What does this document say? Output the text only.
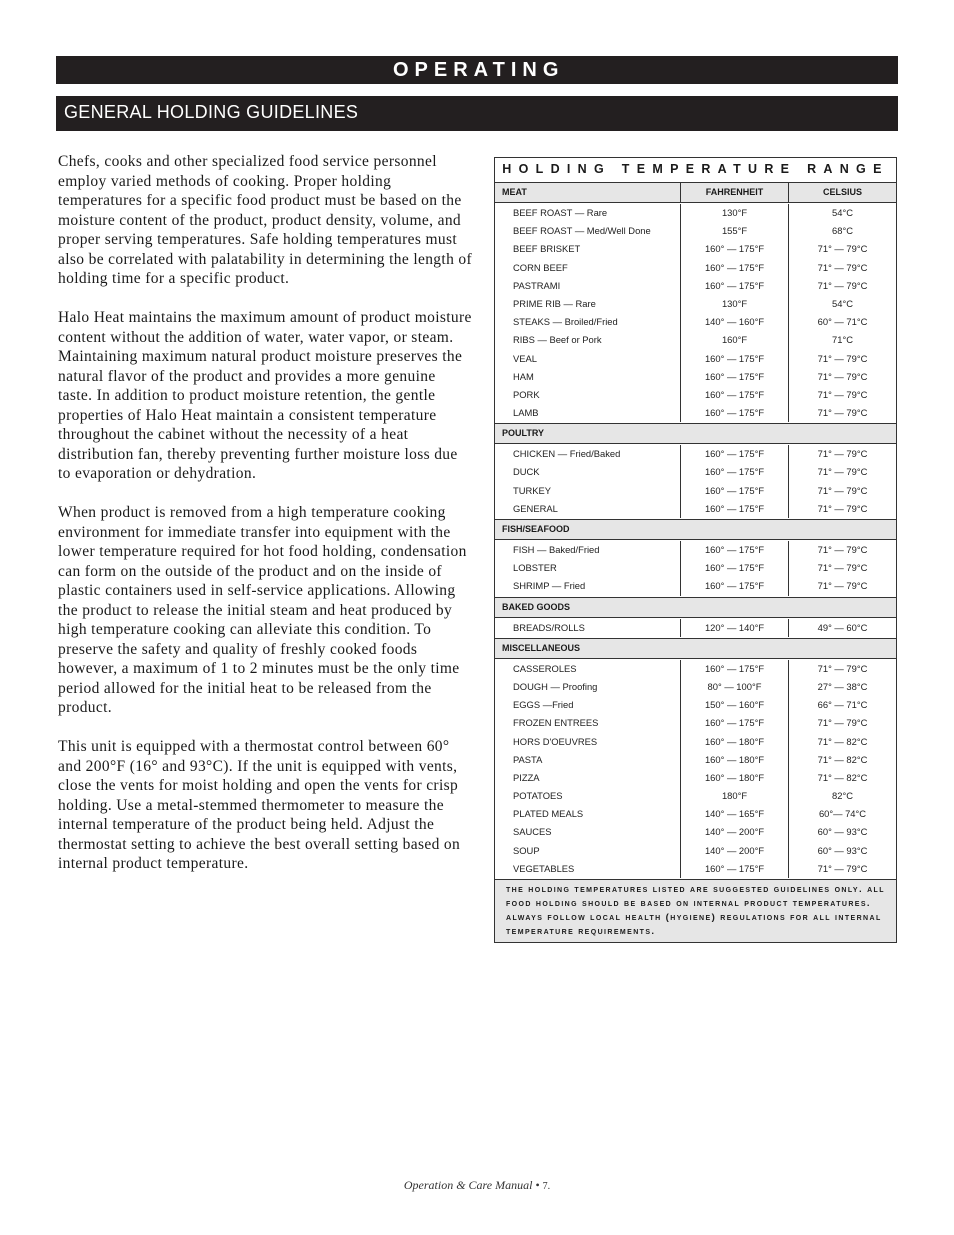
OPERATING
GENERAL HOLDING GUIDELINES

Chefs, cooks and other specialized food service personnel employ varied methods of cooking. Proper holding temperatures for a specific food product must be based on the moisture content of the product, product density, volume, and proper serving temperatures. Safe holding temperatures must also be correlated with palatability in determining the length of holding time for a specific product.

Halo Heat maintains the maximum amount of product moisture content without the addition of water, water vapor, or steam. Maintaining maximum natural product moisture preserves the natural flavor of the product and provides a more genuine taste. In addition to product moisture retention, the gentle properties of Halo Heat maintain a consistent temperature throughout the cabinet without the necessity of a heat distribution fan, thereby preventing further moisture loss due to evaporation or dehydration.

When product is removed from a high temperature cooking environment for immediate transfer into equipment with the lower temperature required for hot food holding, condensation can form on the outside of the product and on the inside of plastic containers used in self-service applications. Allowing the product to release the initial steam and heat produced by high temperature cooking can alleviate this condition. To preserve the safety and quality of freshly cooked foods however, a maximum of 1 to 2 minutes must be the only time period allowed for the initial heat to be released from the product.

This unit is equipped with a thermostat control between 60° and 200°F (16° and 93°C). If the unit is equipped with vents, close the vents for moist holding and open the vents for crisp holding. Use a metal-stemmed thermometer to measure the internal temperature of the product being held. Adjust the thermostat setting to achieve the best overall setting based on internal product temperature.

HOLDING TEMPERATURE RANGE
MEAT	FAHRENHEIT	CELSIUS
BEEF ROAST — Rare	130°F	54°C
BEEF ROAST — Med/Well Done	155°F	68°C
BEEF BRISKET	160° — 175°F	71° — 79°C
CORN BEEF	160° — 175°F	71° — 79°C
PASTRAMI	160° — 175°F	71° — 79°C
PRIME RIB — Rare	130°F	54°C
STEAKS — Broiled/Fried	140° — 160°F	60° — 71°C
RIBS — Beef or Pork	160°F	71°C
VEAL	160° — 175°F	71° — 79°C
HAM	160° — 175°F	71° — 79°C
PORK	160° — 175°F	71° — 79°C
LAMB	160° — 175°F	71° — 79°C
POULTRY
CHICKEN — Fried/Baked	160° — 175°F	71° — 79°C
DUCK	160° — 175°F	71° — 79°C
TURKEY	160° — 175°F	71° — 79°C
GENERAL	160° — 175°F	71° — 79°C
FISH/SEAFOOD
FISH — Baked/Fried	160° — 175°F	71° — 79°C
LOBSTER	160° — 175°F	71° — 79°C
SHRIMP — Fried	160° — 175°F	71° — 79°C
BAKED GOODS
BREADS/ROLLS	120° — 140°F	49° — 60°C
MISCELLANEOUS
CASSEROLES	160° — 175°F	71° — 79°C
DOUGH — Proofing	80° — 100°F	27° — 38°C
EGGS —Fried	150° — 160°F	66° — 71°C
FROZEN ENTREES	160° — 175°F	71° — 79°C
HORS D'OEUVRES	160° — 180°F	71° — 82°C
PASTA	160° — 180°F	71° — 82°C
PIZZA	160° — 180°F	71° — 82°C
POTATOES	180°F	82°C
PLATED MEALS	140° — 165°F	60°— 74°C
SAUCES	140° — 200°F	60° — 93°C
SOUP	140° — 200°F	60° — 93°C
VEGETABLES	160° — 175°F	71° — 79°C
the holding temperatures listed are suggested guidelines only. all food holding should be based on internal product temperatures. always follow local health (hygiene) regulations for all internal temperature requirements.
Operation & Care Manual • 7.
